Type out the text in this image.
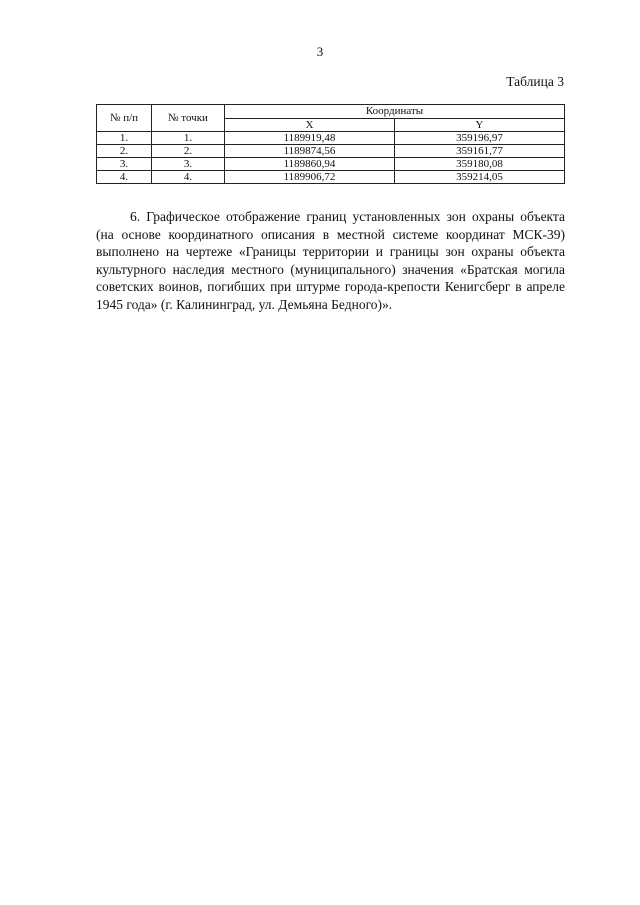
3
Таблица 3
№ п/п	№ точки	Координаты	
		X	Y
1.	1.	1189919,48	359196,97
2.	2.	1189874,56	359161,77
3.	3.	1189860,94	359180,08
4.	4.	1189906,72	359214,05

6. Графическое отображение границ установленных зон охраны объекта (на основе координатного описания в местной системе координат МСК-39) выполнено на чертеже «Границы территории и границы зон охраны объекта культурного наследия местного (муниципального) значения «Братская могила советских воинов, погибших при штурме города-крепости Кенигсберг в апреле 1945 года» (г. Калининград, ул. Демьяна Бедного)».
